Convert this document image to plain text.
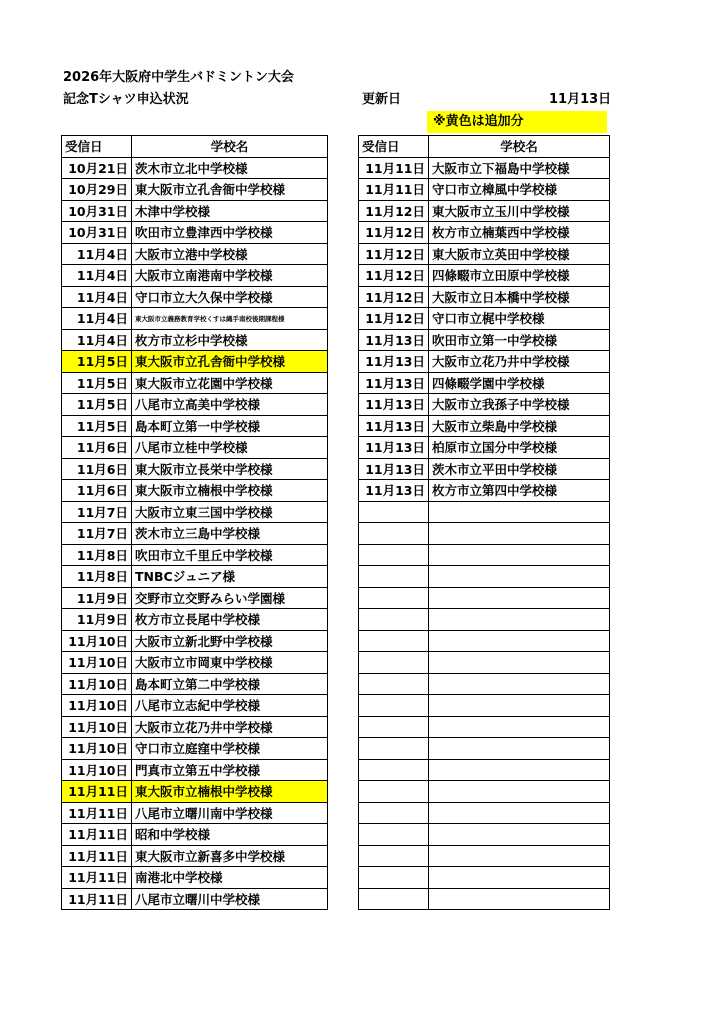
2026年大阪府中学生バドミントン大会
記念Tシャツ申込状況	更新日	11月13日
※黄色は追加分
受信日	学校名
10月21日	茨木市立北中学校様
10月29日	東大阪市立孔舎衙中学校様
10月31日	木津中学校様
10月31日	吹田市立豊津西中学校様
11月4日	大阪市立港中学校様
11月4日	大阪市立南港南中学校様
11月4日	守口市立大久保中学校様
11月4日	東大阪市立義務教育学校くすは縄手南校後期課程様
11月4日	枚方市立杉中学校様
11月5日	東大阪市立孔舎衙中学校様
11月5日	東大阪市立花園中学校様
11月5日	八尾市立高美中学校様
11月5日	島本町立第一中学校様
11月6日	八尾市立桂中学校様
11月6日	東大阪市立長栄中学校様
11月6日	東大阪市立楠根中学校様
11月7日	大阪市立東三国中学校様
11月7日	茨木市立三島中学校様
11月8日	吹田市立千里丘中学校様
11月8日	TNBCジュニア様
11月9日	交野市立交野みらい学園様
11月9日	枚方市立長尾中学校様
11月10日	大阪市立新北野中学校様
11月10日	大阪市立市岡東中学校様
11月10日	島本町立第二中学校様
11月10日	八尾市立志紀中学校様
11月10日	大阪市立花乃井中学校様
11月10日	守口市立庭窪中学校様
11月10日	門真市立第五中学校様
11月11日	東大阪市立楠根中学校様
11月11日	八尾市立曙川南中学校様
11月11日	昭和中学校様
11月11日	東大阪市立新喜多中学校様
11月11日	南港北中学校様
11月11日	八尾市立曙川中学校様
受信日	学校名
11月11日	大阪市立下福島中学校様
11月11日	守口市立樟風中学校様
11月12日	東大阪市立玉川中学校様
11月12日	枚方市立楠葉西中学校様
11月12日	東大阪市立英田中学校様
11月12日	四條畷市立田原中学校様
11月12日	大阪市立日本橋中学校様
11月12日	守口市立梶中学校様
11月13日	吹田市立第一中学校様
11月13日	大阪市立花乃井中学校様
11月13日	四條畷学園中学校様
11月13日	大阪市立我孫子中学校様
11月13日	大阪市立柴島中学校様
11月13日	柏原市立国分中学校様
11月13日	茨木市立平田中学校様
11月13日	枚方市立第四中学校様
